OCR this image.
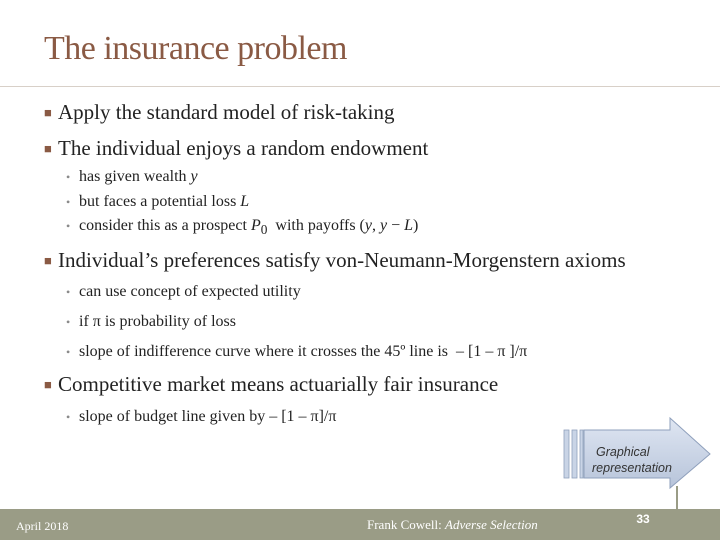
The insurance problem
■ Apply the standard model of risk-taking
■ The individual enjoys a random endowment
• has given wealth y
• but faces a potential loss L
• consider this as a prospect $P_0$  with payoffs (y, y − L)
■ Individual’s preferences satisfy von-Neumann-Morgenstern axioms
• can use concept of expected utility
• if π is probability of loss
• slope of indifference curve where it crosses the 45º line is  – [1 – π ]/π
■ Competitive market means actuarially fair insurance
• slope of budget line given by – [1 – π]/π
Graphical
representation
April 2018	Frank Cowell: Adverse Selection	33
